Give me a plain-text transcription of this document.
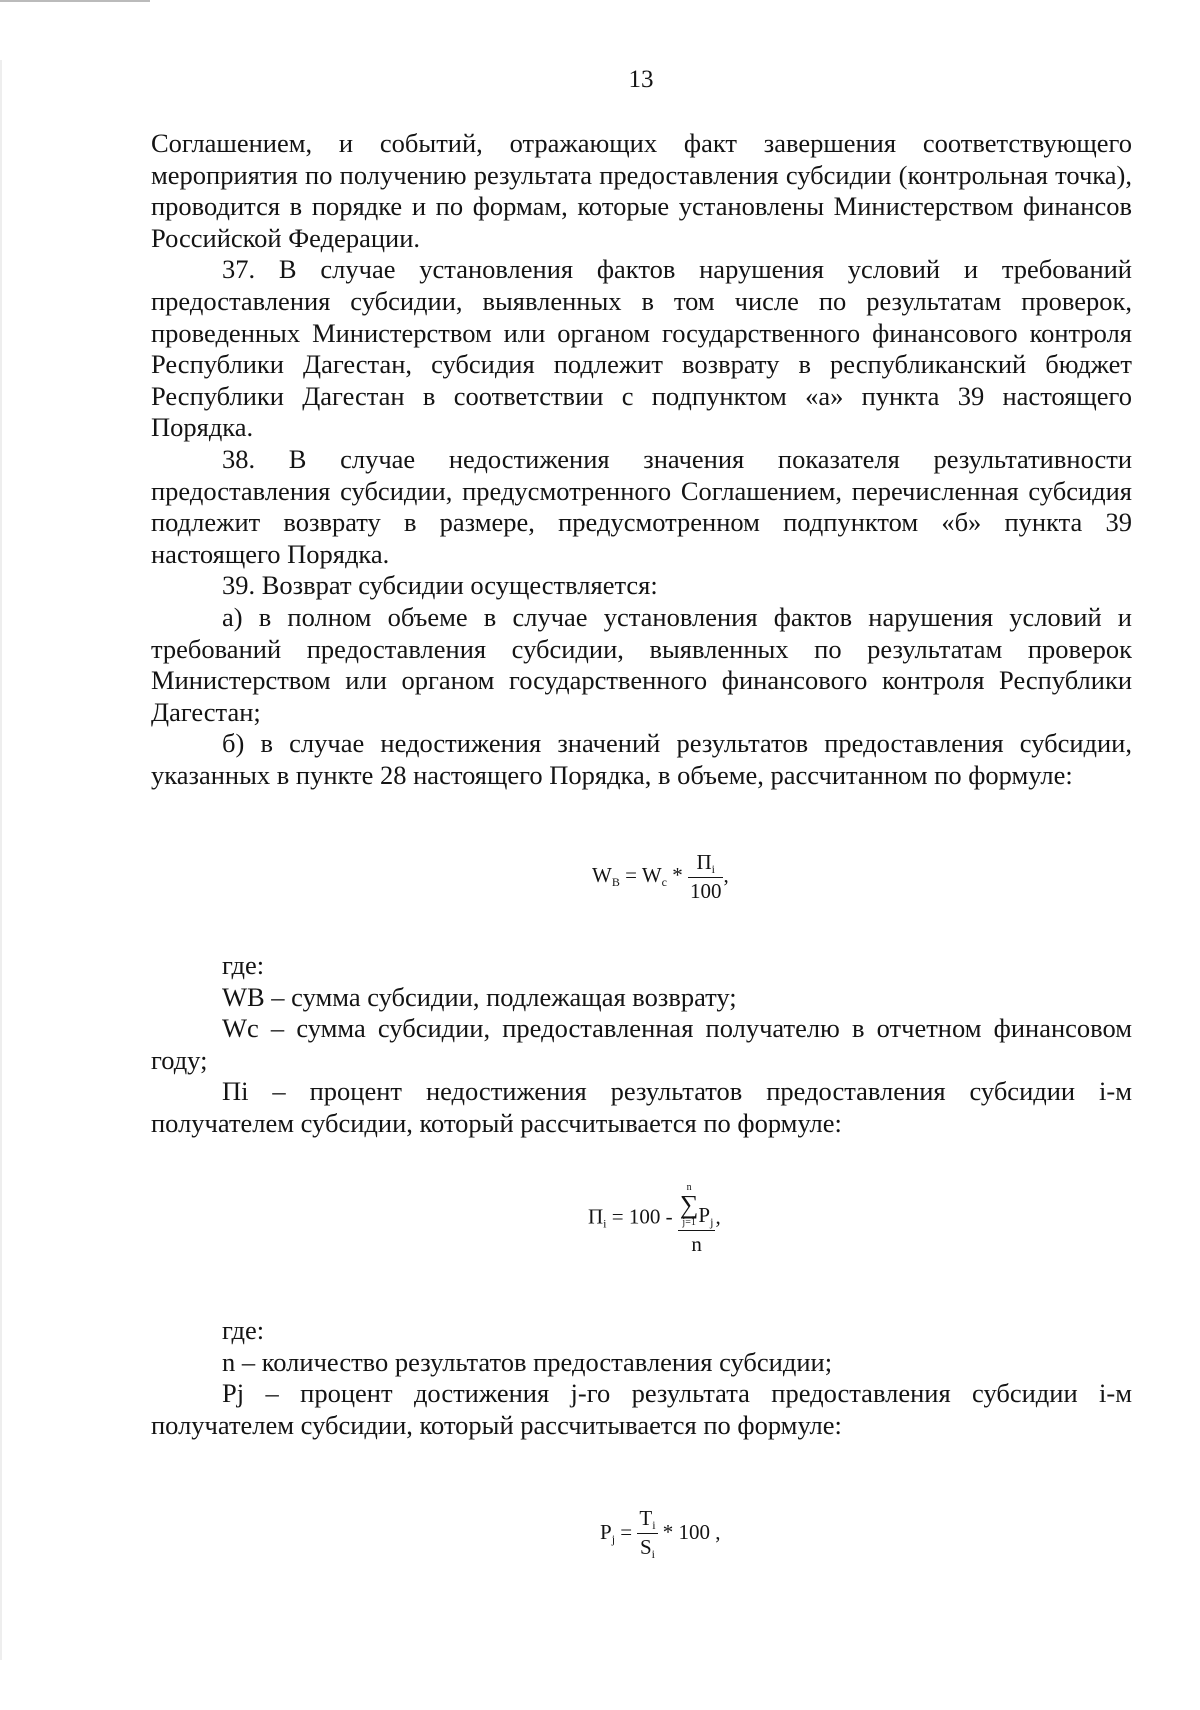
13

Соглашением, и событий, отражающих факт завершения соответствующего мероприятия по получению результата предоставления субсидии (контрольная точка), проводится в порядке и по формам, которые установлены Министерством финансов Российской Федерации.

37. В случае установления фактов нарушения условий и требований предоставления субсидии, выявленных в том числе по результатам проверок, проведенных Министерством или органом государственного финансового контроля Республики Дагестан, субсидия подлежит возврату в республиканский бюджет Республики Дагестан в соответствии с подпунктом «а» пункта 39 настоящего Порядка.

38. В случае недостижения значения показателя результативности предоставления субсидии, предусмотренного Соглашением, перечисленная субсидия подлежит возврату в размере, предусмотренном подпунктом «б» пункта 39 настоящего Порядка.

39. Возврат субсидии осуществляется:

а) в полном объеме в случае установления фактов нарушения условий и требований предоставления субсидии, выявленных по результатам проверок Министерством или органом государственного финансового контроля Республики Дагестан;

б) в случае недостижения значений результатов предоставления субсидии, указанных в пункте 28 настоящего Порядка, в объеме, рассчитанном по формуле:

$W_B = W_c * \frac{П_i}{100}$ ,

где:

WB – сумма субсидии, подлежащая возврату;

Wc – сумма субсидии, предоставленная получателю в отчетном финансовом году;

Пi – процент недостижения результатов предоставления субсидии i-м получателем субсидии, который рассчитывается по формуле:

$П_i = 100 - n$
∑
j=1 $P_j$
n ,

где:

n – количество результатов предоставления субсидии;

Pj – процент достижения j-го результата предоставления субсидии i-м получателем субсидии, который рассчитывается по формуле:

$P_j = \frac{T_i}{S_i} * 100$ ,
